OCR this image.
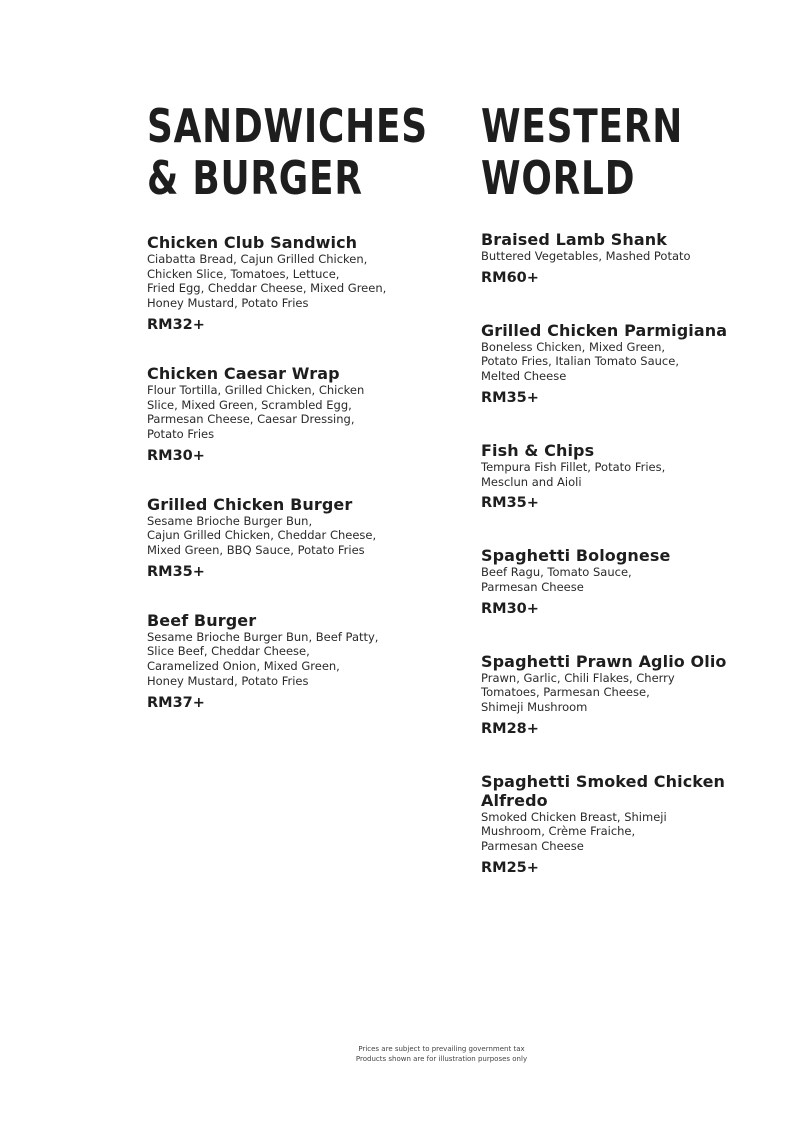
SANDWICHES
& BURGER
Chicken Club Sandwich
Ciabatta Bread, Cajun Grilled Chicken,
Chicken Slice, Tomatoes, Lettuce,
Fried Egg, Cheddar Cheese, Mixed Green,
Honey Mustard, Potato Fries
RM32+
Chicken Caesar Wrap
Flour Tortilla, Grilled Chicken, Chicken
Slice, Mixed Green, Scrambled Egg,
Parmesan Cheese, Caesar Dressing,
Potato Fries
RM30+
Grilled Chicken Burger
Sesame Brioche Burger Bun,
Cajun Grilled Chicken, Cheddar Cheese,
Mixed Green, BBQ Sauce, Potato Fries
RM35+
Beef Burger
Sesame Brioche Burger Bun, Beef Patty,
Slice Beef, Cheddar Cheese,
Caramelized Onion, Mixed Green,
Honey Mustard, Potato Fries
RM37+
WESTERN
WORLD
Braised Lamb Shank
Buttered Vegetables, Mashed Potato
RM60+
Grilled Chicken Parmigiana
Boneless Chicken, Mixed Green,
Potato Fries, Italian Tomato Sauce,
Melted Cheese
RM35+
Fish & Chips
Tempura Fish Fillet, Potato Fries,
Mesclun and Aioli
RM35+
Spaghetti Bolognese
Beef Ragu, Tomato Sauce,
Parmesan Cheese
RM30+
Spaghetti Prawn Aglio Olio
Prawn, Garlic, Chili Flakes, Cherry
Tomatoes, Parmesan Cheese,
Shimeji Mushroom
RM28+
Spaghetti Smoked Chicken
Alfredo
Smoked Chicken Breast, Shimeji
Mushroom, Crème Fraiche,
Parmesan Cheese
RM25+
Prices are subject to prevailing government tax
Products shown are for illustration purposes only
